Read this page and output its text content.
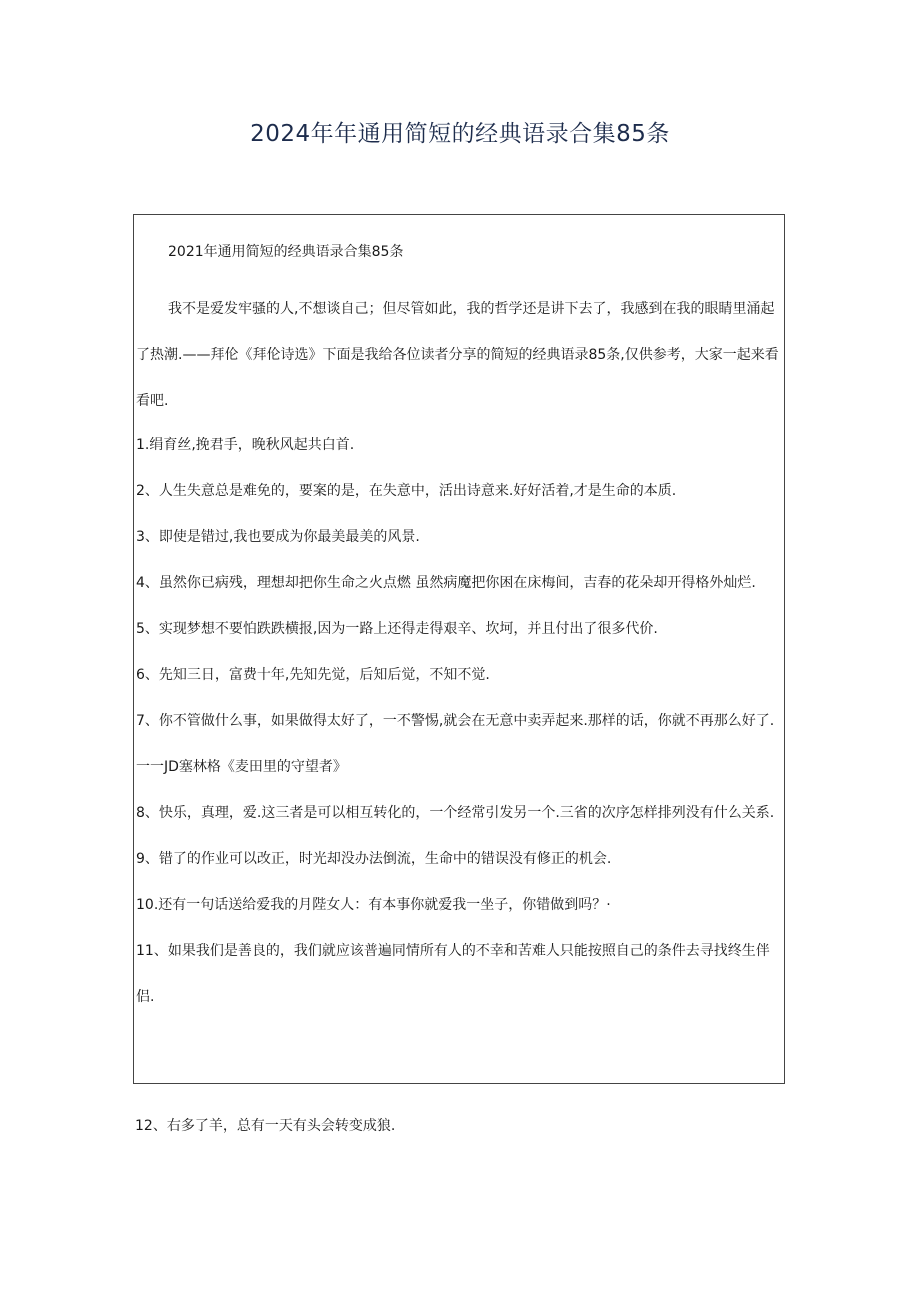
2024年年通用简短的经典语录合集85条

2021年通用简短的经典语录合集85条

我不是爱发牢骚的人,不想谈自己；但尽管如此，我的哲学还是讲下去了，我感到在我的眼睛里涌起了热潮.——拜伦《拜伦诗选》下面是我给各位读者分享的简短的经典语录85条,仅供参考，大家一起来看看吧.

1.绢育丝,挽君手，晚秋风起共白首.

2、人生失意总是难免的，要案的是，在失意中，活出诗意来.好好活着,才是生命的本质.

3、即使是错过,我也要成为你最美最美的风景.

4、虽然你已病残，理想却把你生命之火点燃 虽然病魔把你困在床梅间，吉春的花朵却开得格外灿烂.

5、实现梦想不要怕跌跌横报,因为一路上还得走得艰辛、坎坷，并且付出了很多代价.

6、先知三日，富费十年,先知先觉，后知后觉，不知不觉.

7、你不管做什么事，如果做得太好了，一不警惕,就会在无意中卖弄起来.那样的话，你就不再那么好了.一一JD塞林格《麦田里的守望者》

8、快乐，真理，爱.这三者是可以相互转化的，一个经常引发另一个.三省的次序怎样排列没有什么关系.

9、错了的作业可以改正，时光却没办法倒流，生命中的错误没有修正的机会.

10.还有一句话送给爱我的月陛女人：有本事你就爱我一坐子，你错做到吗？·

11、如果我们是善良的，我们就应该普遍同情所有人的不幸和苦难人只能按照自己的条件去寻找终生伴侣.

12、右多了羊，总有一天有头会转变成狼.
